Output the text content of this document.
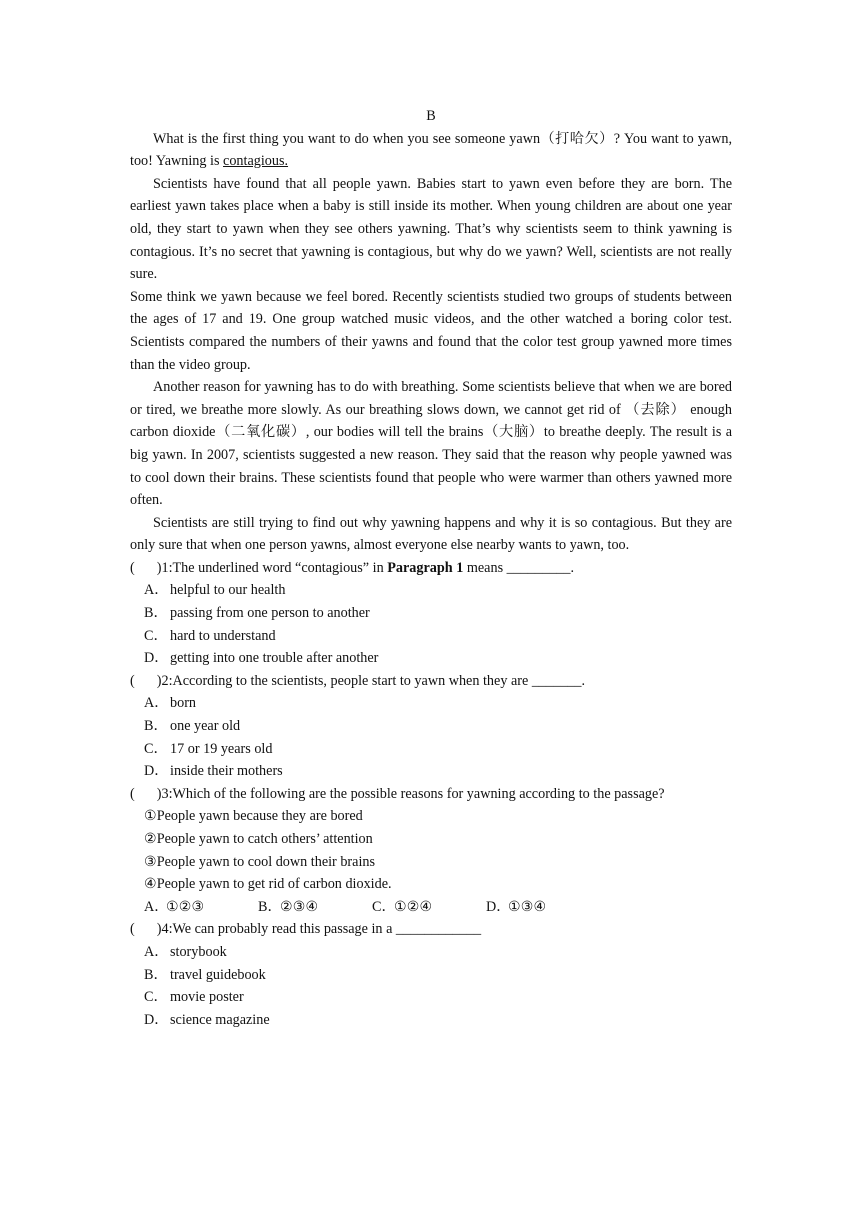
B

What is the first thing you want to do when you see someone yawn（打哈欠）? You want to yawn, too! Yawning is contagious.

Scientists have found that all people yawn. Babies start to yawn even before they are born. The earliest yawn takes place when a baby is still inside its mother. When young children are about one year old, they start to yawn when they see others yawning. That’s why scientists seem to think yawning is contagious. It’s no secret that yawning is contagious, but why do we yawn? Well, scientists are not really sure.

Some think we yawn because we feel bored. Recently scientists studied two groups of students between the ages of 17 and 19. One group watched music videos, and the other watched a boring color test. Scientists compared the numbers of their yawns and found that the color test group yawned more times than the video group.

Another reason for yawning has to do with breathing. Some scientists believe that when we are bored or tired, we breathe more slowly. As our breathing slows down, we cannot get rid of （去除） enough carbon dioxide（二氧化碳）, our bodies will tell the brains（大脑）to breathe deeply. The result is a big yawn. In 2007, scientists suggested a new reason. They said that the reason why people yawned was to cool down their brains. These scientists found that people who were warmer than others yawned more often.

Scientists are still trying to find out why yawning happens and why it is so contagious. But they are only sure that when one person yawns, almost everyone else nearby wants to yawn, too.

( )1:The underlined word “contagious” in Paragraph 1 means _________.

A． helpful to our health

B． passing from one person to another

C． hard to understand

D． getting into one trouble after another

( )2:According to the scientists, people start to yawn when they are _______.

A． born

B． one year old

C． 17 or 19 years old

D． inside their mothers

( )3:Which of the following are the possible reasons for yawning according to the passage?

①People yawn because they are bored

②People yawn to catch others’ attention

③People yawn to cool down their brains

④People yawn to get rid of carbon dioxide.

A．①②③	B．②③④	C．①②④	D．①③④

( )4:We can probably read this passage in a ____________

A． storybook

B． travel guidebook

C． movie poster

D． science magazine
